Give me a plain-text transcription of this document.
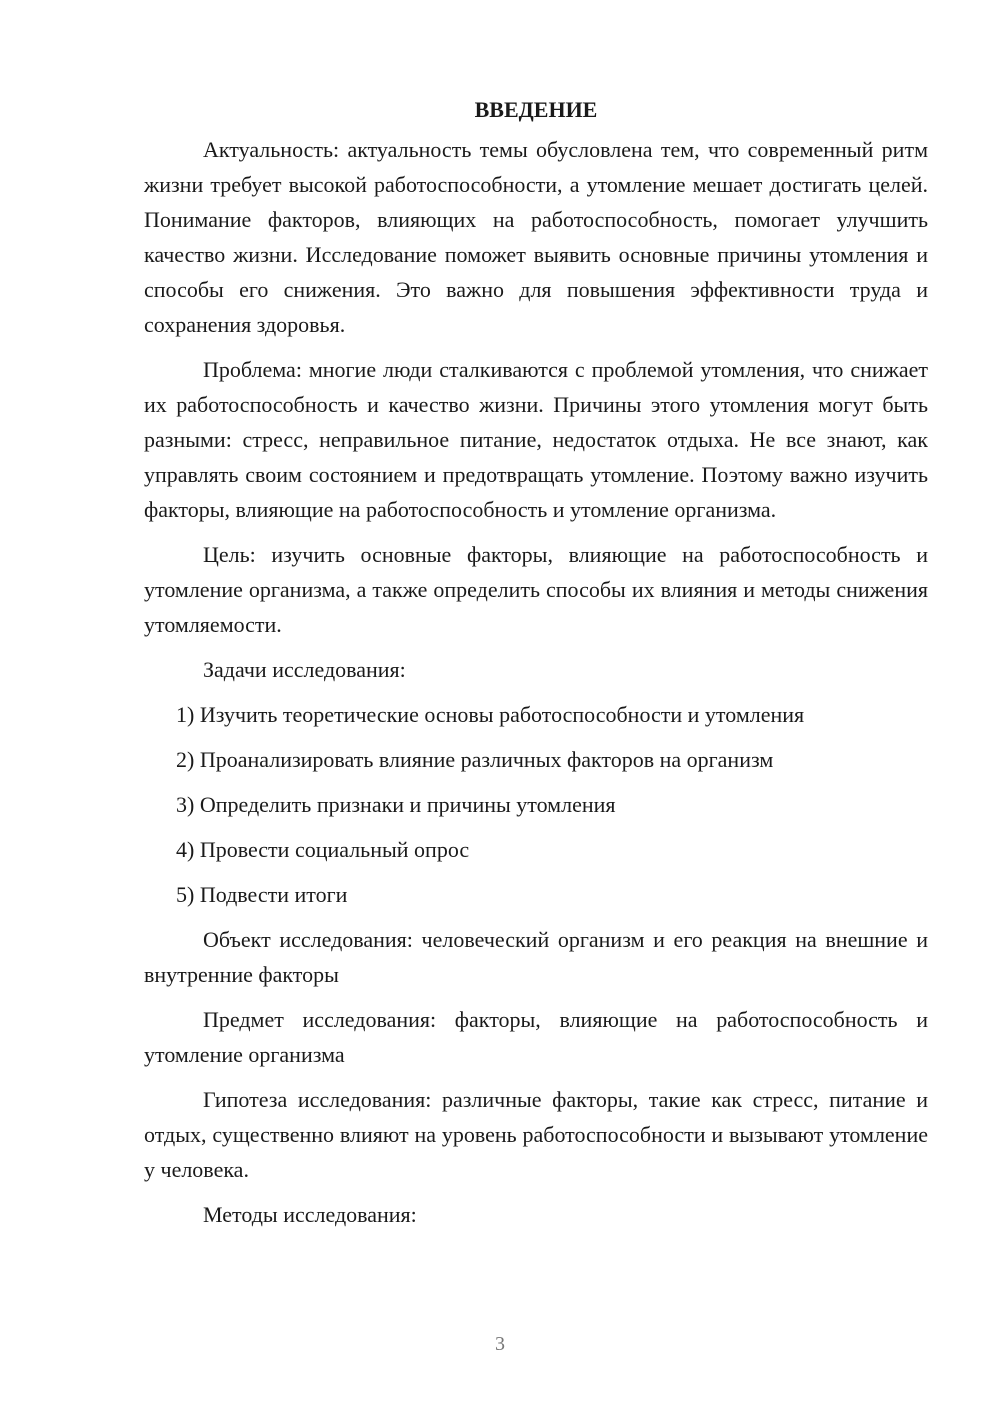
ВВЕДЕНИЕ

Актуальность: актуальность темы обусловлена тем, что современный ритм жизни требует высокой работоспособности, а утомление мешает достигать целей. Понимание факторов, влияющих на работоспособность, помогает улучшить качество жизни. Исследование поможет выявить основные причины утомления и способы его снижения. Это важно для повышения эффективности труда и сохранения здоровья.

Проблема: многие люди сталкиваются с проблемой утомления, что снижает их работоспособность и качество жизни. Причины этого утомления могут быть разными: стресс, неправильное питание, недостаток отдыха. Не все знают, как управлять своим состоянием и предотвращать утомление. Поэтому важно изучить факторы, влияющие на работоспособность и утомление организма.

Цель: изучить основные факторы, влияющие на работоспособность и утомление организма, а также определить способы их влияния и методы снижения утомляемости.

Задачи исследования:

1) Изучить теоретические основы работоспособности и утомления
2) Проанализировать влияние различных факторов на организм
3) Определить признаки и причины утомления
4) Провести социальный опрос
5) Подвести итоги

Объект исследования: человеческий организм и его реакция на внешние и внутренние факторы

Предмет исследования: факторы, влияющие на работоспособность и утомление организма

Гипотеза исследования: различные факторы, такие как стресс, питание и отдых, существенно влияют на уровень работоспособности и вызывают утомление у человека.

Методы исследования:

3
